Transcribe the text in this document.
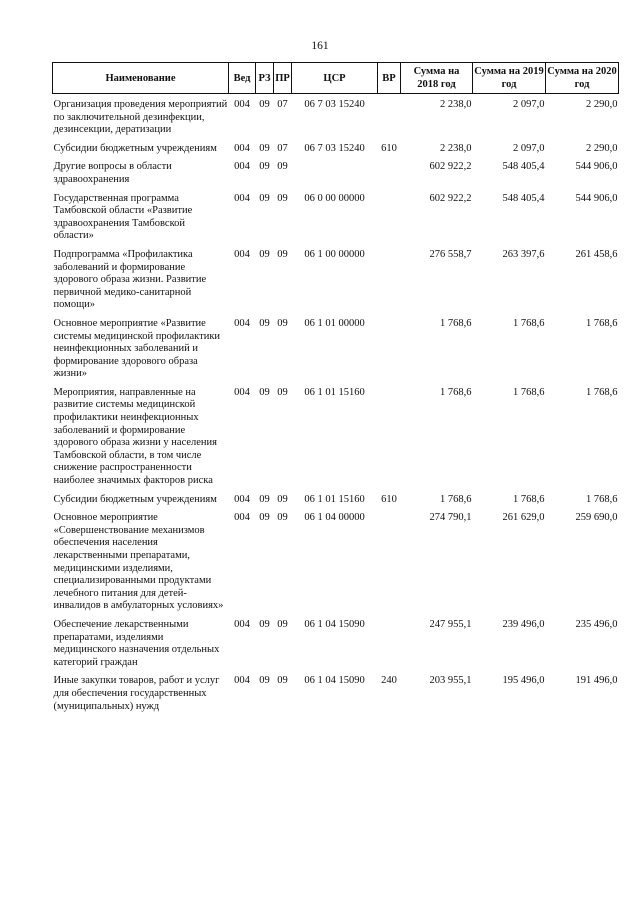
161
Наименование	Вед	РЗ	ПР	ЦСР	ВР	Сумма на 2018 год	Сумма на 2019 год	Сумма на 2020 год
Организация проведения мероприятий по заключительной дезинфекции, дезинсекции, дератизации	004	09	07	06 7 03 15240		2 238,0	2 097,0	2 290,0
Субсидии бюджетным учреждениям	004	09	07	06 7 03 15240	610	2 238,0	2 097,0	2 290,0
Другие вопросы в области здравоохранения	004	09	09			602 922,2	548 405,4	544 906,0
Государственная программа Тамбовской области «Развитие здравоохранения Тамбовской области»	004	09	09	06 0 00 00000		602 922,2	548 405,4	544 906,0
Подпрограмма «Профилактика заболеваний и формирование здорового образа жизни. Развитие первичной медико-санитарной помощи»	004	09	09	06 1 00 00000		276 558,7	263 397,6	261 458,6
Основное мероприятие «Развитие системы медицинской профилактики неинфекционных заболеваний и формирование здорового образа жизни»	004	09	09	06 1 01 00000		1 768,6	1 768,6	1 768,6
Мероприятия, направленные на развитие системы медицинской профилактики неинфекционных заболеваний и формирование здорового образа жизни у населения Тамбовской области, в том числе снижение распространенности наиболее значимых факторов риска	004	09	09	06 1 01 15160		1 768,6	1 768,6	1 768,6
Субсидии бюджетным учреждениям	004	09	09	06 1 01 15160	610	1 768,6	1 768,6	1 768,6
Основное мероприятие «Совершенствование механизмов обеспечения населения лекарственными препаратами, медицинскими изделиями, специализированными продуктами лечебного питания для детей-инвалидов в амбулаторных условиях»	004	09	09	06 1 04 00000		274 790,1	261 629,0	259 690,0
Обеспечение лекарственными препаратами, изделиями медицинского назначения отдельных категорий граждан	004	09	09	06 1 04 15090		247 955,1	239 496,0	235 496,0
Иные закупки товаров, работ и услуг для обеспечения государственных (муниципальных) нужд	004	09	09	06 1 04 15090	240	203 955,1	195 496,0	191 496,0
